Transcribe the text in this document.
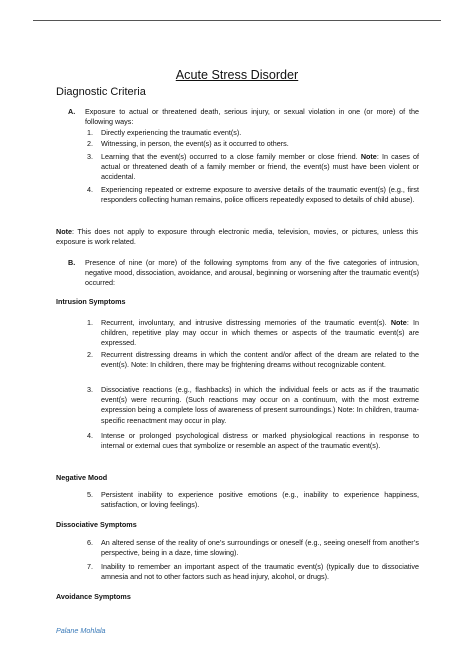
Acute Stress Disorder
Diagnostic Criteria
A. Exposure to actual or threatened death, serious injury, or sexual violation in one (or more) of the following ways:
1. Directly experiencing the traumatic event(s).
2. Witnessing, in person, the event(s) as it occurred to others.
3. Learning that the event(s) occurred to a close family member or close friend. Note: In cases of actual or threatened death of a family member or friend, the event(s) must have been violent or accidental.
4. Experiencing repeated or extreme exposure to aversive details of the traumatic event(s) (e.g., first responders collecting human remains, police officers repeatedly exposed to details of child abuse).
Note: This does not apply to exposure through electronic media, television, movies, or pictures, unless this exposure is work related.
B. Presence of nine (or more) of the following symptoms from any of the five categories of intrusion, negative mood, dissociation, avoidance, and arousal, beginning or worsening after the traumatic event(s) occurred:
Intrusion Symptoms
1. Recurrent, involuntary, and intrusive distressing memories of the traumatic event(s). Note: In children, repetitive play may occur in which themes or aspects of the traumatic event(s) are expressed.
2. Recurrent distressing dreams in which the content and/or affect of the dream are related to the event(s). Note: In children, there may be frightening dreams without recognizable content.
3. Dissociative reactions (e.g., flashbacks) in which the individual feels or acts as if the traumatic event(s) were recurring. (Such reactions may occur on a continuum, with the most extreme expression being a complete loss of awareness of present surroundings.) Note: In children, trauma-specific reenactment may occur in play.
4. Intense or prolonged psychological distress or marked physiological reactions in response to internal or external cues that symbolize or resemble an aspect of the traumatic event(s).
Negative Mood
5. Persistent inability to experience positive emotions (e.g., inability to experience happiness, satisfaction, or loving feelings).
Dissociative Symptoms
6. An altered sense of the reality of one’s surroundings or oneself (e.g., seeing oneself from another’s perspective, being in a daze, time slowing).
7. Inability to remember an important aspect of the traumatic event(s) (typically due to dissociative amnesia and not to other factors such as head injury, alcohol, or drugs).
Avoidance Symptoms
Palane Mohlala
